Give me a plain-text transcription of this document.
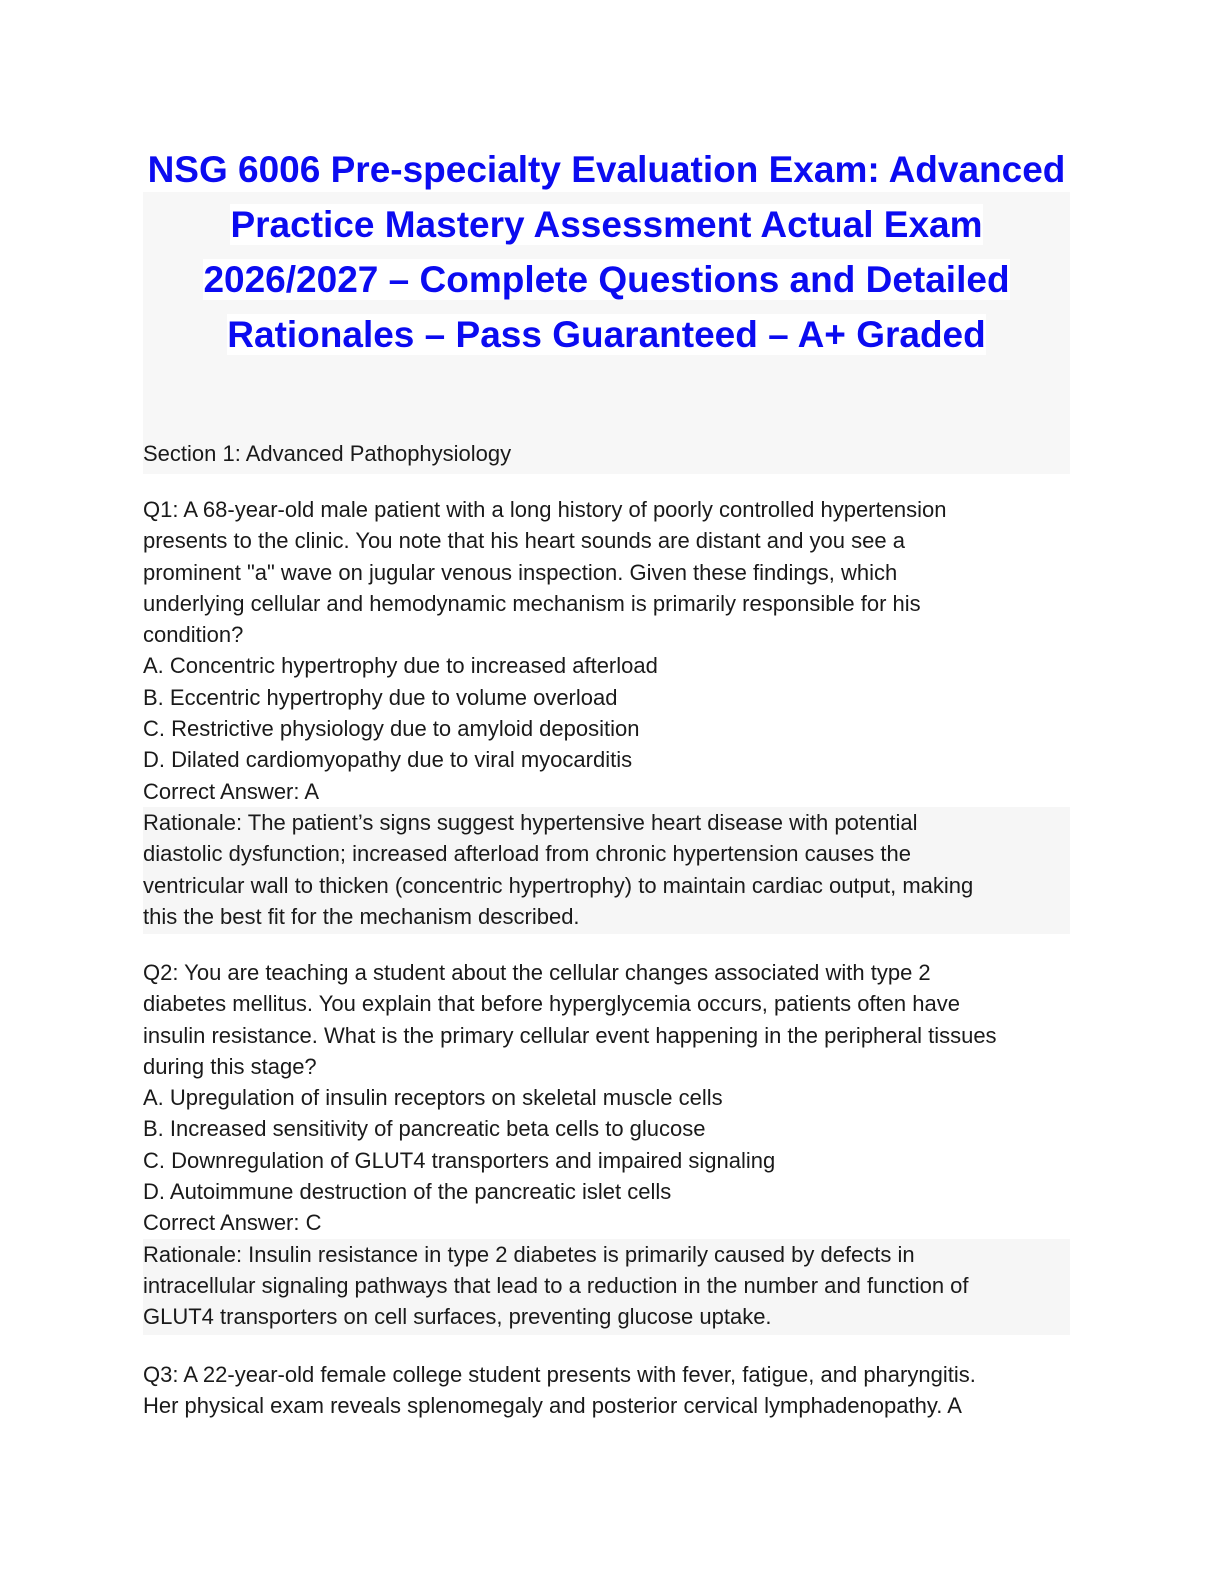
NSG 6006 Pre-specialty Evaluation Exam: Advanced
Practice Mastery Assessment Actual Exam
2026/2027 – Complete Questions and Detailed
Rationales – Pass Guaranteed – A+ Graded
Section 1: Advanced Pathophysiology

Q1: A 68-year-old male patient with a long history of poorly controlled hypertension

presents to the clinic. You note that his heart sounds are distant and you see a

prominent "a" wave on jugular venous inspection. Given these findings, which

underlying cellular and hemodynamic mechanism is primarily responsible for his

condition?

A. Concentric hypertrophy due to increased afterload

B. Eccentric hypertrophy due to volume overload

C. Restrictive physiology due to amyloid deposition

D. Dilated cardiomyopathy due to viral myocarditis

Correct Answer: A

Rationale: The patient’s signs suggest hypertensive heart disease with potential

diastolic dysfunction; increased afterload from chronic hypertension causes the

ventricular wall to thicken (concentric hypertrophy) to maintain cardiac output, making

this the best fit for the mechanism described.

Q2: You are teaching a student about the cellular changes associated with type 2

diabetes mellitus. You explain that before hyperglycemia occurs, patients often have

insulin resistance. What is the primary cellular event happening in the peripheral tissues

during this stage?

A. Upregulation of insulin receptors on skeletal muscle cells

B. Increased sensitivity of pancreatic beta cells to glucose

C. Downregulation of GLUT4 transporters and impaired signaling

D. Autoimmune destruction of the pancreatic islet cells

Correct Answer: C

Rationale: Insulin resistance in type 2 diabetes is primarily caused by defects in

intracellular signaling pathways that lead to a reduction in the number and function of

GLUT4 transporters on cell surfaces, preventing glucose uptake.

Q3: A 22-year-old female college student presents with fever, fatigue, and pharyngitis.

Her physical exam reveals splenomegaly and posterior cervical lymphadenopathy. A
